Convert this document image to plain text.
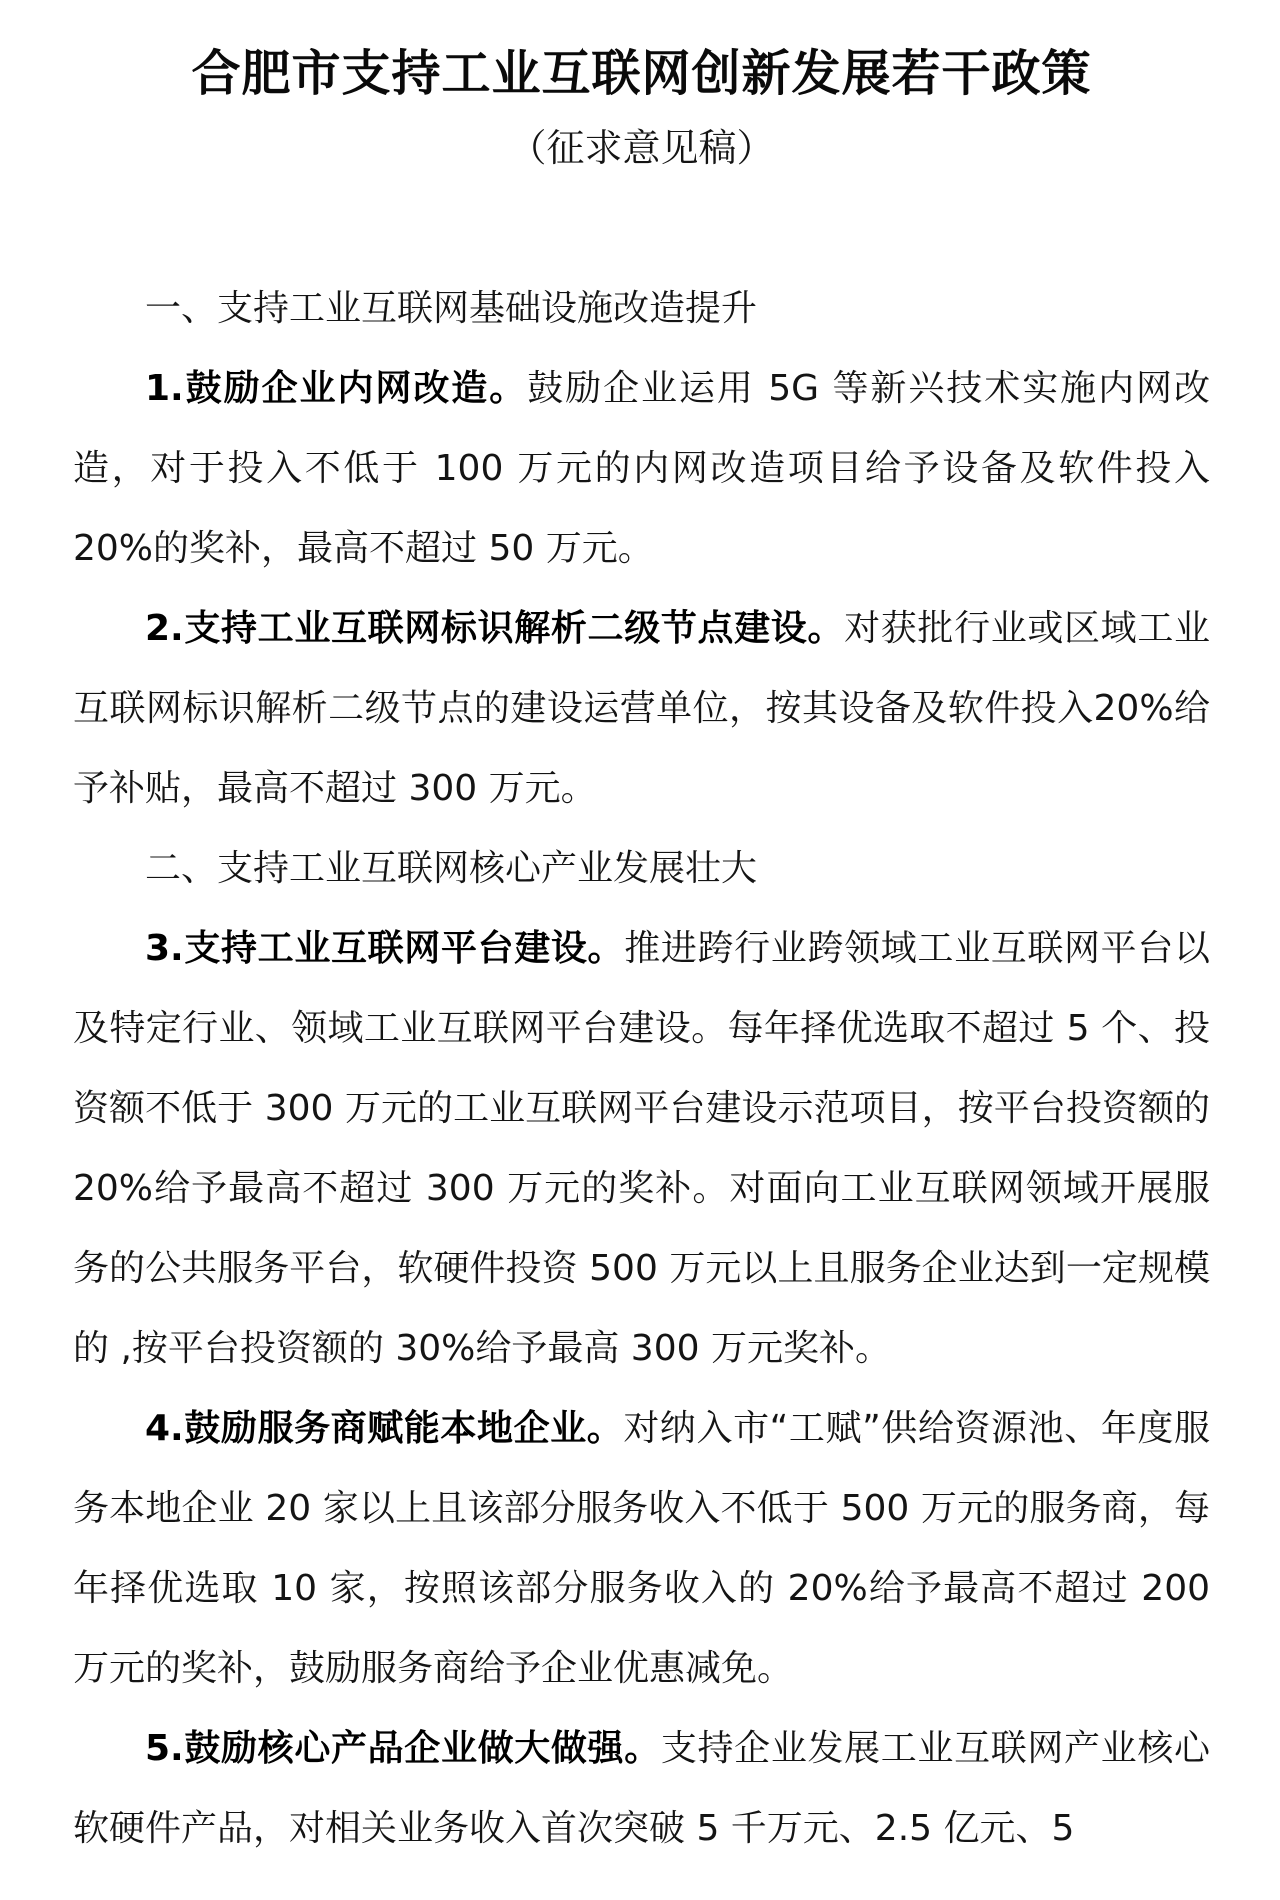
合肥市支持工业互联网创新发展若干政策
（征求意见稿）

一、支持工业互联网基础设施改造提升

1.鼓励企业内网改造。鼓励企业运用 5G 等新兴技术实施内网改造，对于投入不低于 100 万元的内网改造项目给予设备及软件投入20%的奖补，最高不超过 50 万元。

2.支持工业互联网标识解析二级节点建设。对获批行业或区域工业互联网标识解析二级节点的建设运营单位，按其设备及软件投入20%给予补贴，最高不超过 300 万元。

二、支持工业互联网核心产业发展壮大

3.支持工业互联网平台建设。推进跨行业跨领域工业互联网平台以及特定行业、领域工业互联网平台建设。每年择优选取不超过 5 个、投资额不低于 300 万元的工业互联网平台建设示范项目，按平台投资额的 20%给予最高不超过 300 万元的奖补。对面向工业互联网领域开展服务的公共服务平台，软硬件投资 500 万元以上且服务企业达到一定规模的 ,按平台投资额的 30%给予最高 300 万元奖补。

4.鼓励服务商赋能本地企业。对纳入市“工赋”供给资源池、年度服务本地企业 20 家以上且该部分服务收入不低于 500 万元的服务商，每年择优选取 10 家，按照该部分服务收入的 20%给予最高不超过 200 万元的奖补，鼓励服务商给予企业优惠减免。

5.鼓励核心产品企业做大做强。支持企业发展工业互联网产业核心软硬件产品，对相关业务收入首次突破 5 千万元、2.5 亿元、5
